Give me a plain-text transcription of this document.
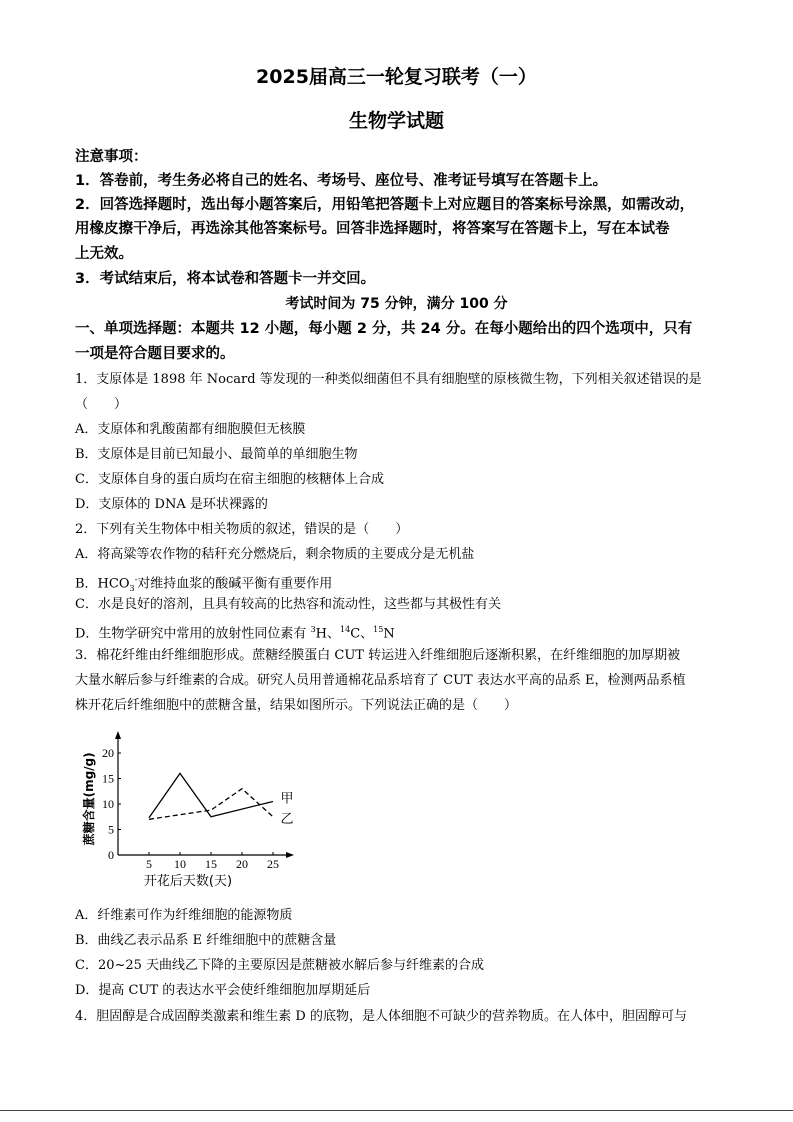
2025届高三一轮复习联考（一）
生物学试题
注意事项：
1．答卷前，考生务必将自己的姓名、考场号、座位号、准考证号填写在答题卡上。
2．回答选择题时，选出每小题答案后，用铅笔把答题卡上对应题目的答案标号涂黑，如需改动，
用橡皮擦干净后，再选涂其他答案标号。回答非选择题时，将答案写在答题卡上，写在本试卷
上无效。
3．考试结束后，将本试卷和答题卡一并交回。
考试时间为 75 分钟，满分 100 分
一、单项选择题：本题共 12 小题，每小题 2 分，共 24 分。在每小题给出的四个选项中，只有
一项是符合题目要求的。
1．支原体是 1898 年 Nocard 等发现的一种类似细菌但不具有细胞壁的原核微生物，下列相关叙述错误的是
（　　）
A．支原体和乳酸菌都有细胞膜但无核膜
B．支原体是目前已知最小、最简单的单细胞生物
C．支原体自身的蛋白质均在宿主细胞的核糖体上合成
D．支原体的 DNA 是环状裸露的
2．下列有关生物体中相关物质的叙述，错误的是（　　）
A．将高粱等农作物的秸秆充分燃烧后，剩余物质的主要成分是无机盐
B．$HCO_3^-$对维持血浆的酸碱平衡有重要作用
C．水是良好的溶剂，且具有较高的比热容和流动性，这些都与其极性有关
D．生物学研究中常用的放射性同位素有 $^3$H、$^{14}$C、$^{15}$N
3．棉花纤维由纤维细胞形成。蔗糖经膜蛋白 CUT 转运进入纤维细胞后逐渐积累，在纤维细胞的加厚期被
大量水解后参与纤维素的合成。研究人员用普通棉花品系培育了 CUT 表达水平高的品系 E，检测两品系植
株开花后纤维细胞中的蔗糖含量，结果如图所示。下列说法正确的是（　　）
5 10 15 20 25
0
5
10
15
20
开花后天数(天)
蔗糖含量(mg/g)	甲
乙
A．纤维素可作为纤维细胞的能源物质
B．曲线乙表示品系 E 纤维细胞中的蔗糖含量
C．20~25 天曲线乙下降的主要原因是蔗糖被水解后参与纤维素的合成
D．提高 CUT 的表达水平会使纤维细胞加厚期延后
4．胆固醇是合成固醇类激素和维生素 D 的底物，是人体细胞不可缺少的营养物质。在人体中，胆固醇可与
